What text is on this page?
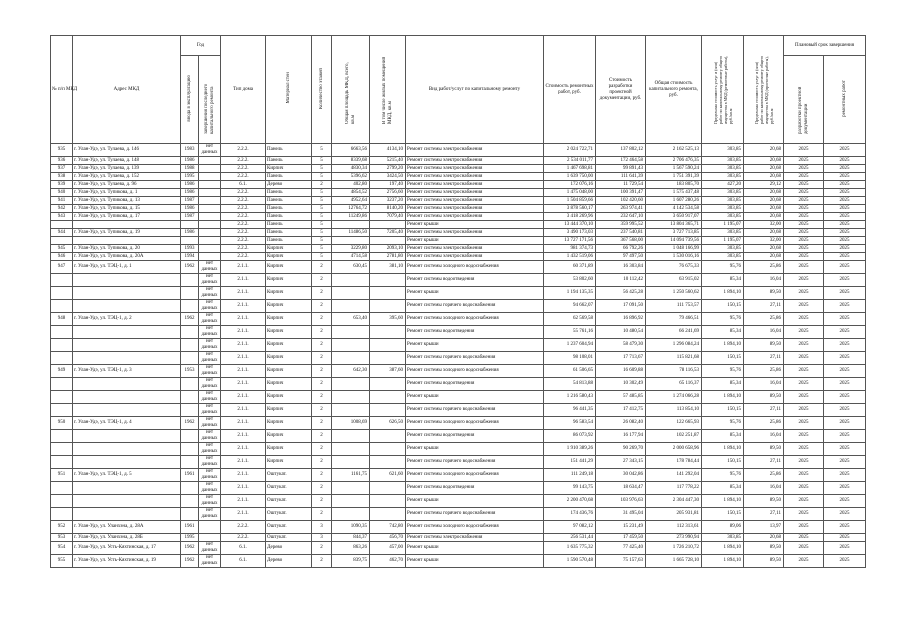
№ п/п МКД	Адрес МКД	Год		Тип дома	Материал стен	Количество этажей	Общая площадь МКД, всего, кв.м	В том числе жилых помещений МКД, кв.м	Вид работ/услуг по капитальному ремонту	Стоимость ремонтных работ, руб.	Стоимость разработки проектной документации, руб.	Общая стоимость капитального ремонта, руб.	Предельная стоимость услуг и (или) работ по капитальному ремонту общего имущества в МКД (ремонтные работы), руб./кв.м	Предельная стоимость услуг и (или) работ по капитальному ремонту общего имущества в МКД (проектные работы), руб./кв.м	Плановый срок завершения	
		ввода в эксплуатацию	завершения последнего капитального ремонта												разработки проектной документации	ремонтных работ
935	г. Улан-Удэ, ул. Тулаева, д. 146	1983	нет данных	2.2.2.	Панель	5	6663,56	4134,10	Ремонт системы электроснабжения	2 024 722,71	137 802,12	2 162 525,13	303,85	20,68	2025	2025
936	г. Улан-Удэ, ул. Тулаева, д. 148	1986		2.2.2.	Панель	5	8339,68	5215,40	Ремонт системы электроснабжения	2 534 011,77	172 464,58	2 706 476,35	303,85	20,68	2025	2025
937	г. Улан-Удэ, ул. Тулаева, д. 139	1988		2.2.2.	Кирпич	5	4830,34	2799,20	Ремонт системы электроснабжения	1 467 698,81	99 891,43	1 567 590,24	303,85	20,68	2025	2025
938	г. Улан-Удэ, ул. Тулаева, д. 152	1995		2.2.2.	Панель	5	5396,62	3424,50	Ремонт системы электроснабжения	1 639 750,00	111 641,39	1 751 391,39	303,85	20,68	2025	2025
939	г. Улан-Удэ, ул. Тулаева, д. 96	1986		6.1.	Дерево	2	402,80	197,40	Ремонт системы электроснабжения	172 076,16	11 729,54	183 805,70	427,20	29,12	2025	2025
940	г. Улан-Удэ, ул. Тупикова, д. 1	1986		2.2.2.	Панель	5	4854,52	2756,60	Ремонт системы электроснабжения	1 475 048,00	100 391,47	1 575 437,48	303,85	20,68	2025	2025
941	г. Улан-Удэ, ул. Тупикова, д. 13	1987		2.2.2.	Панель	5	4952,64	3237,20	Ремонт системы электроснабжения	1 504 859,66	102 420,60	1 607 280,26	303,85	20,68	2025	2025
942	г. Улан-Удэ, ул. Тупикова, д. 15	1986		2.2.2.	Панель	5	12764,72	8140,20	Ремонт системы электроснабжения	3 878 560,17	263 974,41	4 142 534,58	303,85	20,68	2025	2025
943	г. Улан-Удэ, ул. Тупикова, д. 17	1987		2.2.2.	Панель	5	11249,86	7079,40	Ремонт системы электроснабжения	3 418 269,96	232 647,10	3 650 917,07	303,85	20,68	2025	2025
				2.2.2.	Панель	5			Ремонт крыши	13 444 370,10	359 995,52	13 804 365,71	1 195,07	32,00	2025	2025
944	г. Улан-Удэ, ул. Тупикова, д. 19	1986		2.2.2.	Панель	5	11486,50	7205,40	Ремонт системы электроснабжения	3 490 173,03	237 540,81	3 727 713,85	303,85	20,68	2025	2025
				2.2.2.	Панель	5			Ремонт крыши	13 727 171,56	367 568,00	14 094 739,56	1 195,07	32,00	2025	2025
945	г. Улан-Удэ, ул. Тупикова, д. 20	1993		2.2.2.	Кирпич	5	3229,80	2093,10	Ремонт системы электроснабжения	981 374,73	66 792,26	1 048 166,99	303,85	20,68	2025	2025
946	г. Улан-Удэ, ул. Тупикова, д. 20А	1994		2.2.2.	Кирпич	5	4714,58	2781,80	Ремонт системы электроснабжения	1 432 519,06	97 497,50	1 530 016,16	303,85	20,68	2025	2025
947	г. Улан-Удэ, ул. ТЭЦ-1, д. 1	1962	нет данных	2.1.1.	Кирпич	2	630,45	381,10	Ремонт системы холодного водоснабжения	60 371,89	16 303,84	76 675,33	95,76	25,86	2025	2025
			нет данных	2.1.1.	Кирпич	2			Ремонт системы водоотведения	53 802,60	10 112,42	63 915,02	85,34	16,04	2025	2025
			нет данных	2.1.1.	Кирпич	2			Ремонт крыши	1 194 135,35	56 425,28	1 250 560,62	1 894,10	89,50	2025	2025
			нет данных	2.1.1.	Кирпич	2			Ремонт системы горячего водоснабжения	94 662,07	17 091,50	111 753,57	150,15	27,11	2025	2025
948	г. Улан-Удэ, ул. ТЭЦ-1, д. 2	1962	нет данных	2.1.1.	Кирпич	2	653,40	395,60	Ремонт системы холодного водоснабжения	62 569,58	16 896,92	79 466,51	95,76	25,86	2025	2025
			нет данных	2.1.1.	Кирпич	2			Ремонт системы водоотведения	55 761,16	10 480,54	66 241,69	85,34	16,04	2025	2025
			нет данных	2.1.1.	Кирпич	2			Ремонт крыши	1 237 604,94	58 479,30	1 296 084,24	1 894,10	89,50	2025	2025
			нет данных	2.1.1.	Кирпич	2			Ремонт системы горячего водоснабжения	98 108,01	17 713,67	115 821,68	150,15	27,11	2025	2025
949	г. Улан-Удэ, ул. ТЭЦ-1, д. 3	1953	нет данных	2.1.1.	Кирпич	2	642,30	387,60	Ремонт системы холодного водоснабжения	61 506,65	16 609,88	78 116,53	95,76	25,86	2025	2025
			нет данных	2.1.1.	Кирпич	2			Ремонт системы водоотведения	54 813,88	10 302,49	65 116,37	85,34	16,04	2025	2025
			нет данных	2.1.1.	Кирпич	2			Ремонт крыши	1 216 580,43	57 485,85	1 274 066,28	1 894,10	89,50	2025	2025
			нет данных	2.1.1.	Кирпич	2			Ремонт системы горячего водоснабжения	96 441,35	17 412,75	113 854,10	150,15	27,11	2025	2025
950	г. Улан-Удэ, ул. ТЭЦ-1, д. 4	1962	нет данных	2.1.1.	Кирпич	2	1008,69	626,50	Ремонт системы холодного водоснабжения	96 583,54	26 082,40	122 665,93	95,76	25,86	2025	2025
			нет данных	2.1.1.	Кирпич	2			Ремонт системы водоотведения	86 073,92	16 177,94	102 251,87	85,34	16,04	2025	2025
			нет данных	2.1.1.	Кирпич	2			Ремонт крыши	1 910 389,26	90 269,70	2 000 658,96	1 894,10	89,50	2025	2025
			нет данных	2.1.1.	Кирпич	2			Ремонт системы горячего водоснабжения	151 441,29	27 343,15	178 784,44	150,15	27,11	2025	2025
951	г. Улан-Удэ, ул. ТЭЦ-1, д. 5	1961	нет данных	2.1.1.	Оштукат.	2	1161,75	621,60	Ремонт системы холодного водоснабжения	111 249,18	30 042,86	141 292,04	95,76	25,86	2025	2025
			нет данных	2.1.1.	Оштукат.	2			Ремонт системы водоотведения	99 143,75	18 634,47	117 778,22	85,34	16,04	2025	2025
			нет данных	2.1.1.	Оштукат.	2			Ремонт крыши	2 200 470,68	103 976,63	2 304 447,30	1 894,10	89,50	2025	2025
			нет данных	2.1.1.	Оштукат.	2			Ремонт системы горячего водоснабжения	174 436,76	31 495,04	205 931,81	150,15	27,11	2025	2025
952	г. Улан-Удэ, ул. Уланхэна, д. 28А	1961		2.2.2.	Оштукат.	3	1090,35	742,80	Ремонт системы холодного водоснабжения	97 082,12	15 231,49	112 313,61	89,06	13,97	2025	2025
953	г. Улан-Удэ, ул. Уланхэна, д. 28Б	1995		2.2.2.	Оштукат.	3	844,37	456,70	Ремонт системы электроснабжения	256 531,44	17 459,50	273 990,94	303,85	20,68	2025	2025
954	г. Улан-Удэ, ул. Усть-Кяхтинская, д. 17	1962	нет данных	6.1.	Дерево	2	863,26	457,00	Ремонт крыши	1 635 775,32	77 425,40	1 726 210,72	1 894,10	89,50	2025	2025
955	г. Улан-Удэ, ул. Усть-Кяхтинская, д. 19	1962	нет данных	6.1.	Дерево	2	839,75	462,70	Ремонт крыши	1 590 570,48	75 157,63	1 665 728,10	1 894,10	89,50	2025	2025
